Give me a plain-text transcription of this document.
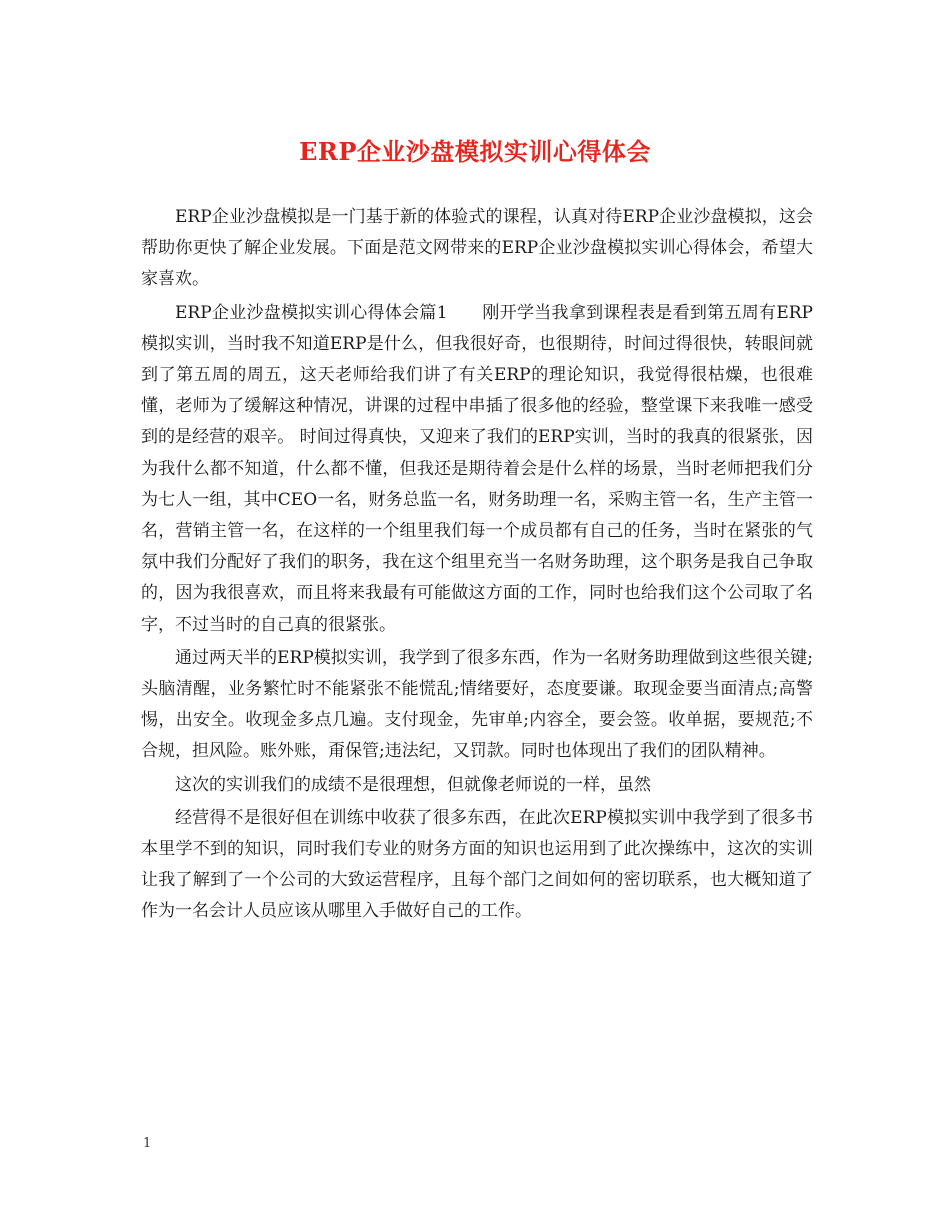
ERP企业沙盘模拟实训心得体会

ERP企业沙盘模拟是一门基于新的体验式的课程，认真对待ERP企业沙盘模拟，这会帮助你更快了解企业发展。下面是范文网带来的ERP企业沙盘模拟实训心得体会，希望大家喜欢。

ERP企业沙盘模拟实训心得体会篇1　　刚开学当我拿到课程表是看到第五周有ERP模拟实训，当时我不知道ERP是什么，但我很好奇，也很期待，时间过得很快，转眼间就到了第五周的周五，这天老师给我们讲了有关ERP的理论知识，我觉得很枯燥，也很难懂，老师为了缓解这种情况，讲课的过程中串插了很多他的经验，整堂课下来我唯一感受到的是经营的艰辛。 时间过得真快，又迎来了我们的ERP实训，当时的我真的很紧张，因为我什么都不知道，什么都不懂，但我还是期待着会是什么样的场景，当时老师把我们分为七人一组，其中CEO一名，财务总监一名，财务助理一名，采购主管一名，生产主管一名，营销主管一名，在这样的一个组里我们每一个成员都有自己的任务，当时在紧张的气氛中我们分配好了我们的职务，我在这个组里充当一名财务助理，这个职务是我自己争取的，因为我很喜欢，而且将来我最有可能做这方面的工作，同时也给我们这个公司取了名字，不过当时的自己真的很紧张。

通过两天半的ERP模拟实训，我学到了很多东西，作为一名财务助理做到这些很关键;头脑清醒，业务繁忙时不能紧张不能慌乱;情绪要好，态度要谦。取现金要当面清点;高警惕，出安全。收现金多点几遍。支付现金，先审单;内容全，要会签。收单据，要规范;不合规，担风险。账外账，甭保管;违法纪，又罚款。同时也体现出了我们的团队精神。

这次的实训我们的成绩不是很理想，但就像老师说的一样，虽然

经营得不是很好但在训练中收获了很多东西，在此次ERP模拟实训中我学到了很多书本里学不到的知识，同时我们专业的财务方面的知识也运用到了此次操练中，这次的实训让我了解到了一个公司的大致运营程序，且每个部门之间如何的密切联系，也大概知道了作为一名会计人员应该从哪里入手做好自己的工作。

1
